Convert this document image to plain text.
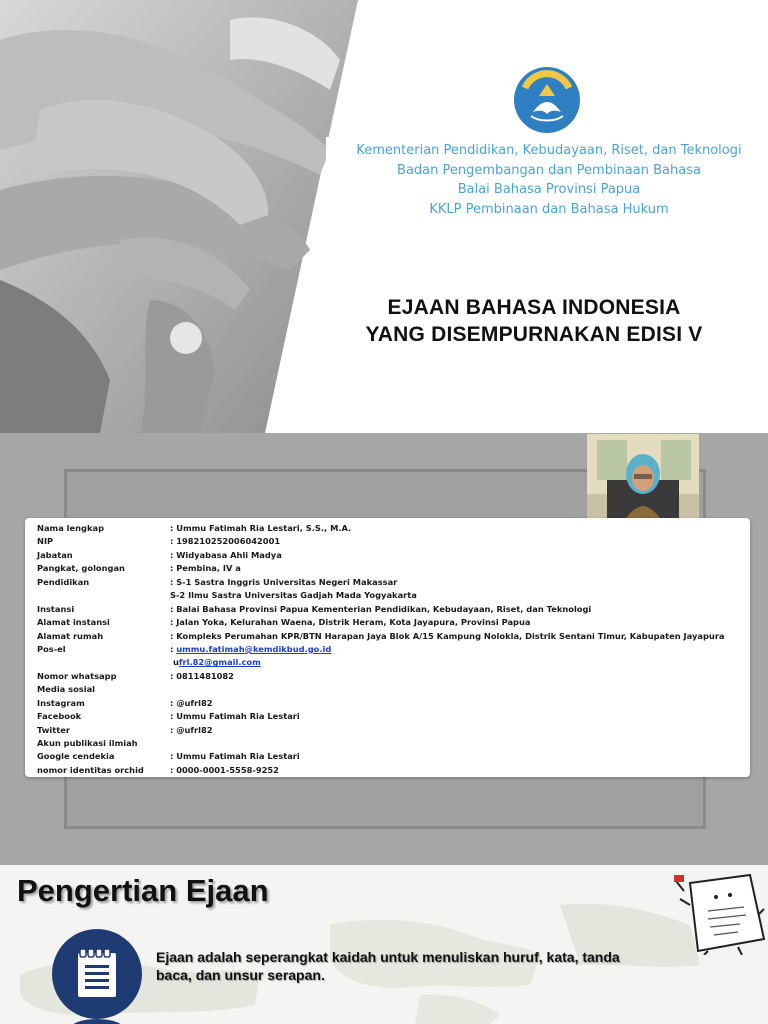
Kementerian Pendidikan, Kebudayaan, Riset, dan Teknologi
Badan Pengembangan dan Pembinaan Bahasa
Balai Bahasa Provinsi Papua
KKLP Pembinaan dan Bahasa Hukum
EJAAN BAHASA INDONESIA
YANG DISEMPURNAKAN EDISI V
Nama lengkap	: Ummu Fatimah Ria Lestari, S.S., M.A.
NIP	: 198210252006042001
Jabatan	: Widyabasa Ahli Madya
Pangkat, golongan	: Pembina, IV a
Pendidikan	: S-1 Sastra Inggris Universitas Negeri Makassar
S-2 Ilmu Sastra Universitas Gadjah Mada Yogyakarta
Instansi	: Balai Bahasa Provinsi Papua Kementerian Pendidikan, Kebudayaan, Riset, dan Teknologi
Alamat instansi	: Jalan Yoka, Kelurahan Waena, Distrik Heram, Kota Jayapura, Provinsi Papua
Alamat rumah	: Kompleks Perumahan KPR/BTN Harapan Jaya Blok A/15 Kampung Nolokla, Distrik Sentani Timur, Kabupaten Jayapura
Pos-el	: ummu.fatimah@kemdikbud.go.id
ufrl.82@gmail.com
Nomor whatsapp	: 0811481082
Media sosial
Instagram	: @ufrl82
Facebook	: Ummu Fatimah Ria Lestari
Twitter	: @ufrl82
Akun publikasi ilmiah
Google cendekia	: Ummu Fatimah Ria Lestari
nomor identitas orchid	: 0000-0001-5558-9252
Pengertian Ejaan
Ejaan adalah seperangkat kaidah untuk menuliskan huruf, kata, tanda
baca, dan unsur serapan.
